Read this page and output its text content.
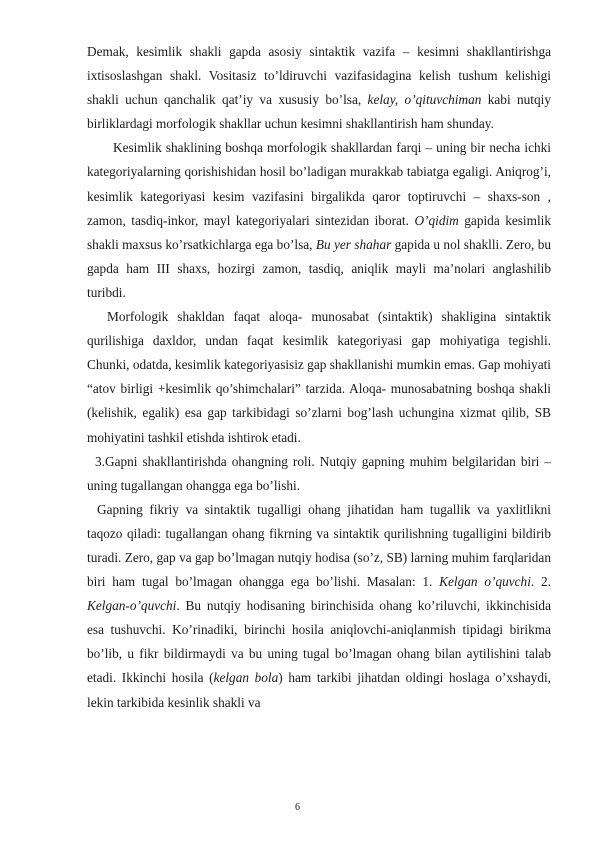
Demak, kesimlik shakli gapda asosiy sintaktik vazifa – kesimni shakllantirishga ixtisoslashgan shakl. Vositasiz to’ldiruvchi vazifasidagina kelish tushum kelishigi shakli uchun qanchalik qat’iy va xususiy bo’lsa, kelay, o’qituvchiman kabi nutqiy birliklardagi morfologik shakllar uchun kesimni shakllantirish ham shunday.

Kesimlik shaklining boshqa morfologik shakllardan farqi – uning bir necha ichki kategoriyalarning qorishishidan hosil bo’ladigan murakkab tabiatga egaligi. Aniqrog’i, kesimlik kategoriyasi kesim vazifasini birgalikda qaror toptiruvchi – shaxs-son , zamon, tasdiq-inkor, mayl kategoriyalari sintezidan iborat. O’qidim gapida kesimlik shakli maxsus ko’rsatkichlarga ega bo’lsa, Bu yer shahar gapida u nol shaklli. Zero, bu gapda ham III shaxs, hozirgi zamon, tasdiq, aniqlik mayli ma’nolari anglashilib turibdi.

Morfologik shakldan faqat aloqa- munosabat (sintaktik) shakligina sintaktik qurilishiga daxldor, undan faqat kesimlik kategoriyasi gap mohiyatiga tegishli. Chunki, odatda, kesimlik kategoriyasisiz gap shakllanishi mumkin emas. Gap mohiyati “atov birligi +kesimlik qo’shimchalari” tarzida. Aloqa- munosabatning boshqa shakli (kelishik, egalik) esa gap tarkibidagi so’zlarni bog’lash uchungina xizmat qilib, SB mohiyatini tashkil etishda ishtirok etadi.

3.Gapni shakllantirishda ohangning roli. Nutqiy gapning muhim belgilaridan biri – uning tugallangan ohangga ega bo’lishi.

Gapning fikriy va sintaktik tugalligi ohang jihatidan ham tugallik va yaxlitlikni taqozo qiladi: tugallangan ohang fikrning va sintaktik qurilishning tugalligini bildirib turadi. Zero, gap va gap bo’lmagan nutqiy hodisa (so’z, SB) larning muhim farqlaridan biri ham tugal bo’lmagan ohangga ega bo’lishi. Masalan: 1. Kelgan o’quvchi. 2. Kelgan-o’quvchi. Bu nutqiy hodisaning birinchisida ohang ko’riluvchi, ikkinchisida esa tushuvchi. Ko’rinadiki, birinchi hosila aniqlovchi-aniqlanmish tipidagi birikma bo’lib, u fikr bildirmaydi va bu uning tugal bo’lmagan ohang bilan aytilishini talab etadi. Ikkinchi hosila (kelgan bola) ham tarkibi jihatdan oldingi hoslaga o’xshaydi, lekin tarkibida kesinlik shakli va

6
